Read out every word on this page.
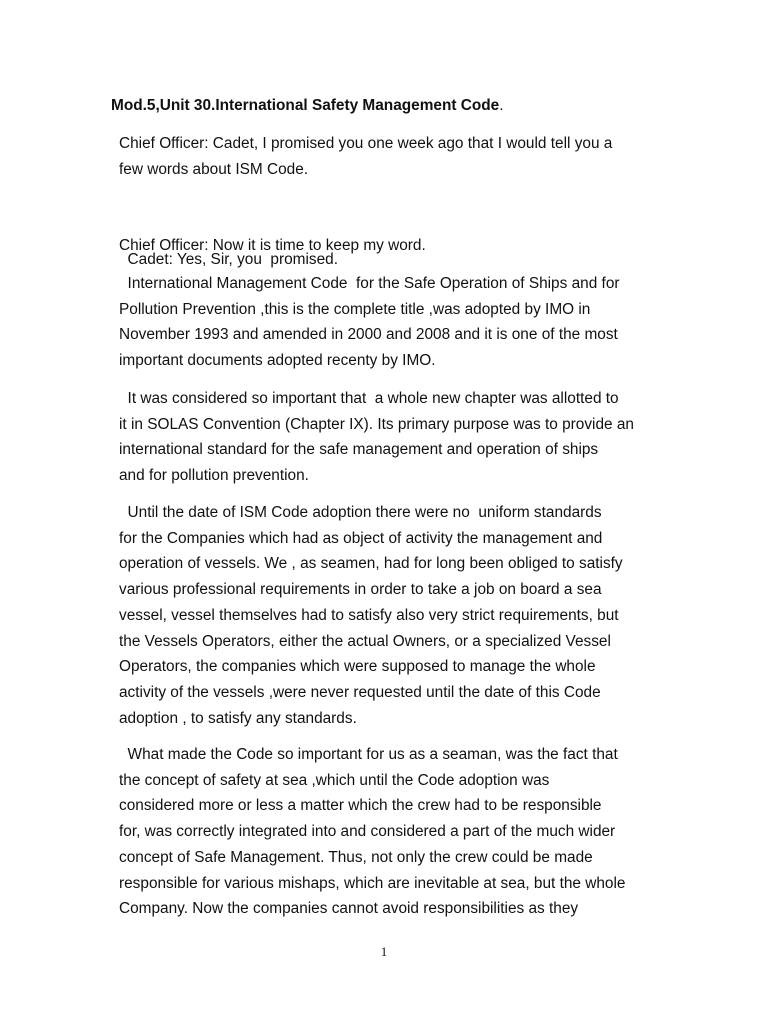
Mod.5,Unit 30.International Safety Management Code.

Chief Officer: Cadet, I promised you one week ago that I would tell you a
few words about ISM Code.

Cadet: Yes, Sir, you  promised.

Chief Officer: Now it is time to keep my word.

International Management Code  for the Safe Operation of Ships and for
Pollution Prevention ,this is the complete title ,was adopted by IMO in
November 1993 and amended in 2000 and 2008 and it is one of the most
important documents adopted recenty by IMO.

It was considered so important that  a whole new chapter was allotted to
it in SOLAS Convention (Chapter IX). Its primary purpose was to provide an
international standard for the safe management and operation of ships
and for pollution prevention.

Until the date of ISM Code adoption there were no  uniform standards
for the Companies which had as object of activity the management and
operation of vessels. We , as seamen, had for long been obliged to satisfy
various professional requirements in order to take a job on board a sea
vessel, vessel themselves had to satisfy also very strict requirements, but
the Vessels Operators, either the actual Owners, or a specialized Vessel
Operators, the companies which were supposed to manage the whole
activity of the vessels ,were never requested until the date of this Code
adoption , to satisfy any standards.

What made the Code so important for us as a seaman, was the fact that
the concept of safety at sea ,which until the Code adoption was
considered more or less a matter which the crew had to be responsible
for, was correctly integrated into and considered a part of the much wider
concept of Safe Management. Thus, not only the crew could be made
responsible for various mishaps, which are inevitable at sea, but the whole
Company. Now the companies cannot avoid responsibilities as they

1
